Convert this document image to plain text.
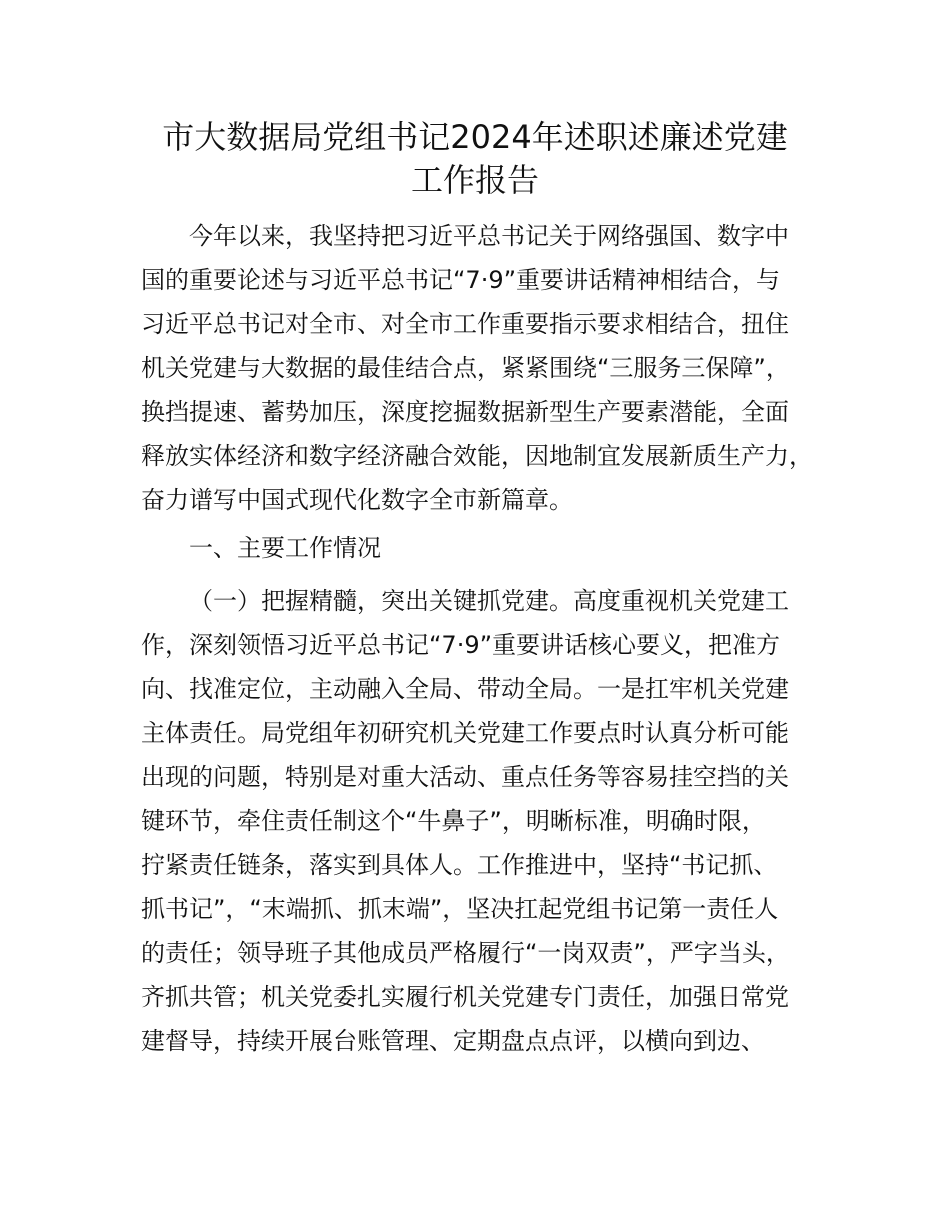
市大数据局党组书记2024年述职述廉述党建
工作报告

今年以来，我坚持把习近平总书记关于网络强国、数字中

国的重要论述与习近平总书记“7·9”重要讲话精神相结合，与

习近平总书记对全市、对全市工作重要指示要求相结合，扭住

机关党建与大数据的最佳结合点，紧紧围绕“三服务三保障”，

换挡提速、蓄势加压，深度挖掘数据新型生产要素潜能，全面

释放实体经济和数字经济融合效能，因地制宜发展新质生产力，

奋力谱写中国式现代化数字全市新篇章。

一、主要工作情况

（一）把握精髓，突出关键抓党建。高度重视机关党建工

作，深刻领悟习近平总书记“7·9”重要讲话核心要义，把准方

向、找准定位，主动融入全局、带动全局。一是扛牢机关党建

主体责任。局党组年初研究机关党建工作要点时认真分析可能

出现的问题，特别是对重大活动、重点任务等容易挂空挡的关

键环节，牵住责任制这个“牛鼻子”，明晰标准，明确时限，

拧紧责任链条，落实到具体人。工作推进中，坚持“书记抓、

抓书记”，“末端抓、抓末端”，坚决扛起党组书记第一责任人

的责任；领导班子其他成员严格履行“一岗双责”，严字当头，

齐抓共管；机关党委扎实履行机关党建专门责任，加强日常党

建督导，持续开展台账管理、定期盘点点评，以横向到边、
